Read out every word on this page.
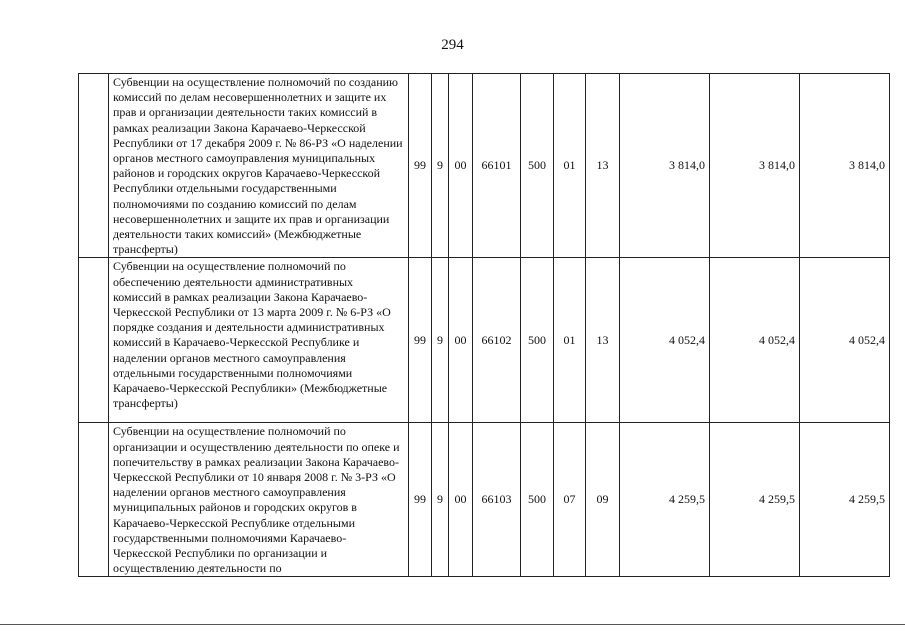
294
	Субвенции на осуществление полномочий по созданию комиссий по делам несовершеннолетних и защите их прав и организации деятельности таких комиссий в рамках реализации Закона Карачаево-Черкесской Республики от 17 декабря 2009 г. № 86-РЗ «О наделении органов местного самоуправления муниципальных районов и городских округов Карачаево-Черкесской Республики отдельными государственными полномочиями по созданию комиссий по делам несовершеннолетних и защите их прав и организации деятельности таких комиссий» (Межбюджетные трансферты)	99	9	00	66101	500	01	13	3 814,0	3 814,0	3 814,0
	Субвенции на осуществление полномочий по обеспечению деятельности административных комиссий в рамках реализации Закона Карачаево-Черкесской Республики от 13 марта 2009 г. № 6-РЗ «О порядке создания и деятельности административных комиссий в Карачаево-Черкесской Республике и наделении органов местного самоуправления отдельными государственными полномочиями Карачаево-Черкесской Республики» (Межбюджетные трансферты)	99	9	00	66102	500	01	13	4 052,4	4 052,4	4 052,4
	Субвенции на осуществление полномочий по организации и осуществлению деятельности по опеке и попечительству в рамках реализации Закона Карачаево-Черкесской Республики от 10 января 2008 г. № 3-РЗ «О наделении органов местного самоуправления муниципальных районов и городских округов в Карачаево-Черкесской Республике отдельными государственными полномочиями Карачаево-Черкесской Республики по организации и осуществлению деятельности по	99	9	00	66103	500	07	09	4 259,5	4 259,5	4 259,5
